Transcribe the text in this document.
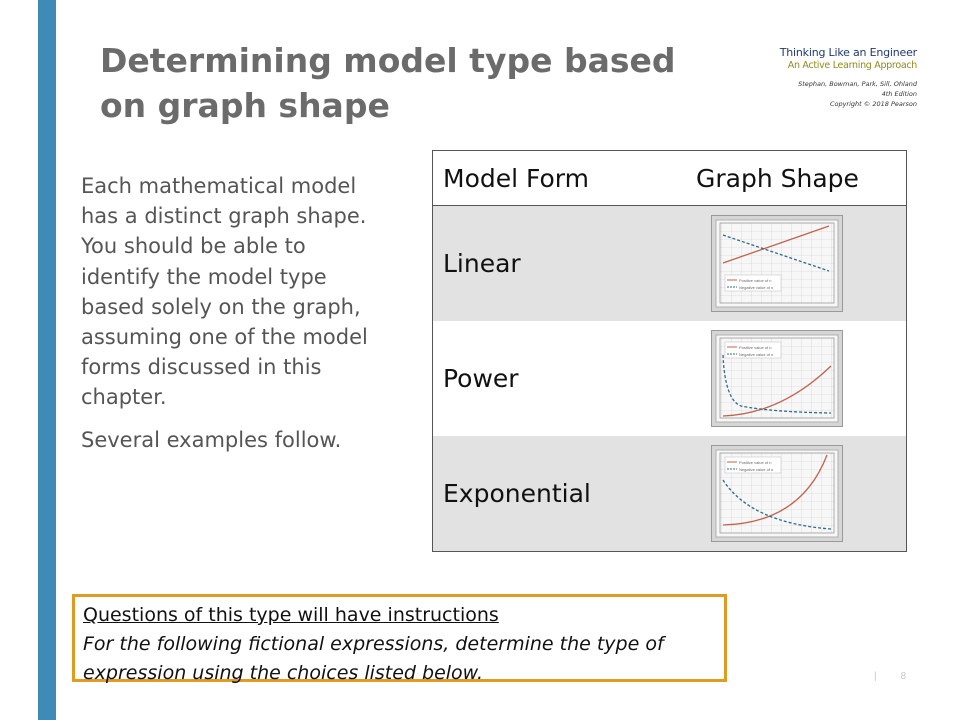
Determining model type based on graph shape
Thinking Like an Engineer
An Active Learning Approach
Stephan, Bowman, Park, Sill, Ohland
4th Edition
Copyright © 2018 Pearson

Each mathematical model has a distinct graph shape. You should be able to identify the model type based solely on the graph, assuming one of the model forms discussed in this chapter.

Several examples follow.

Model Form	Graph Shape
Linear	Positive value of n
Negative value of n

Power	Positive value of n
Negative value of n

Exponential	Positive value of n
Negative value of n
Questions of this type will have instructions
For the following fictional expressions, determine the type of expression using the choices listed below.	| 8
